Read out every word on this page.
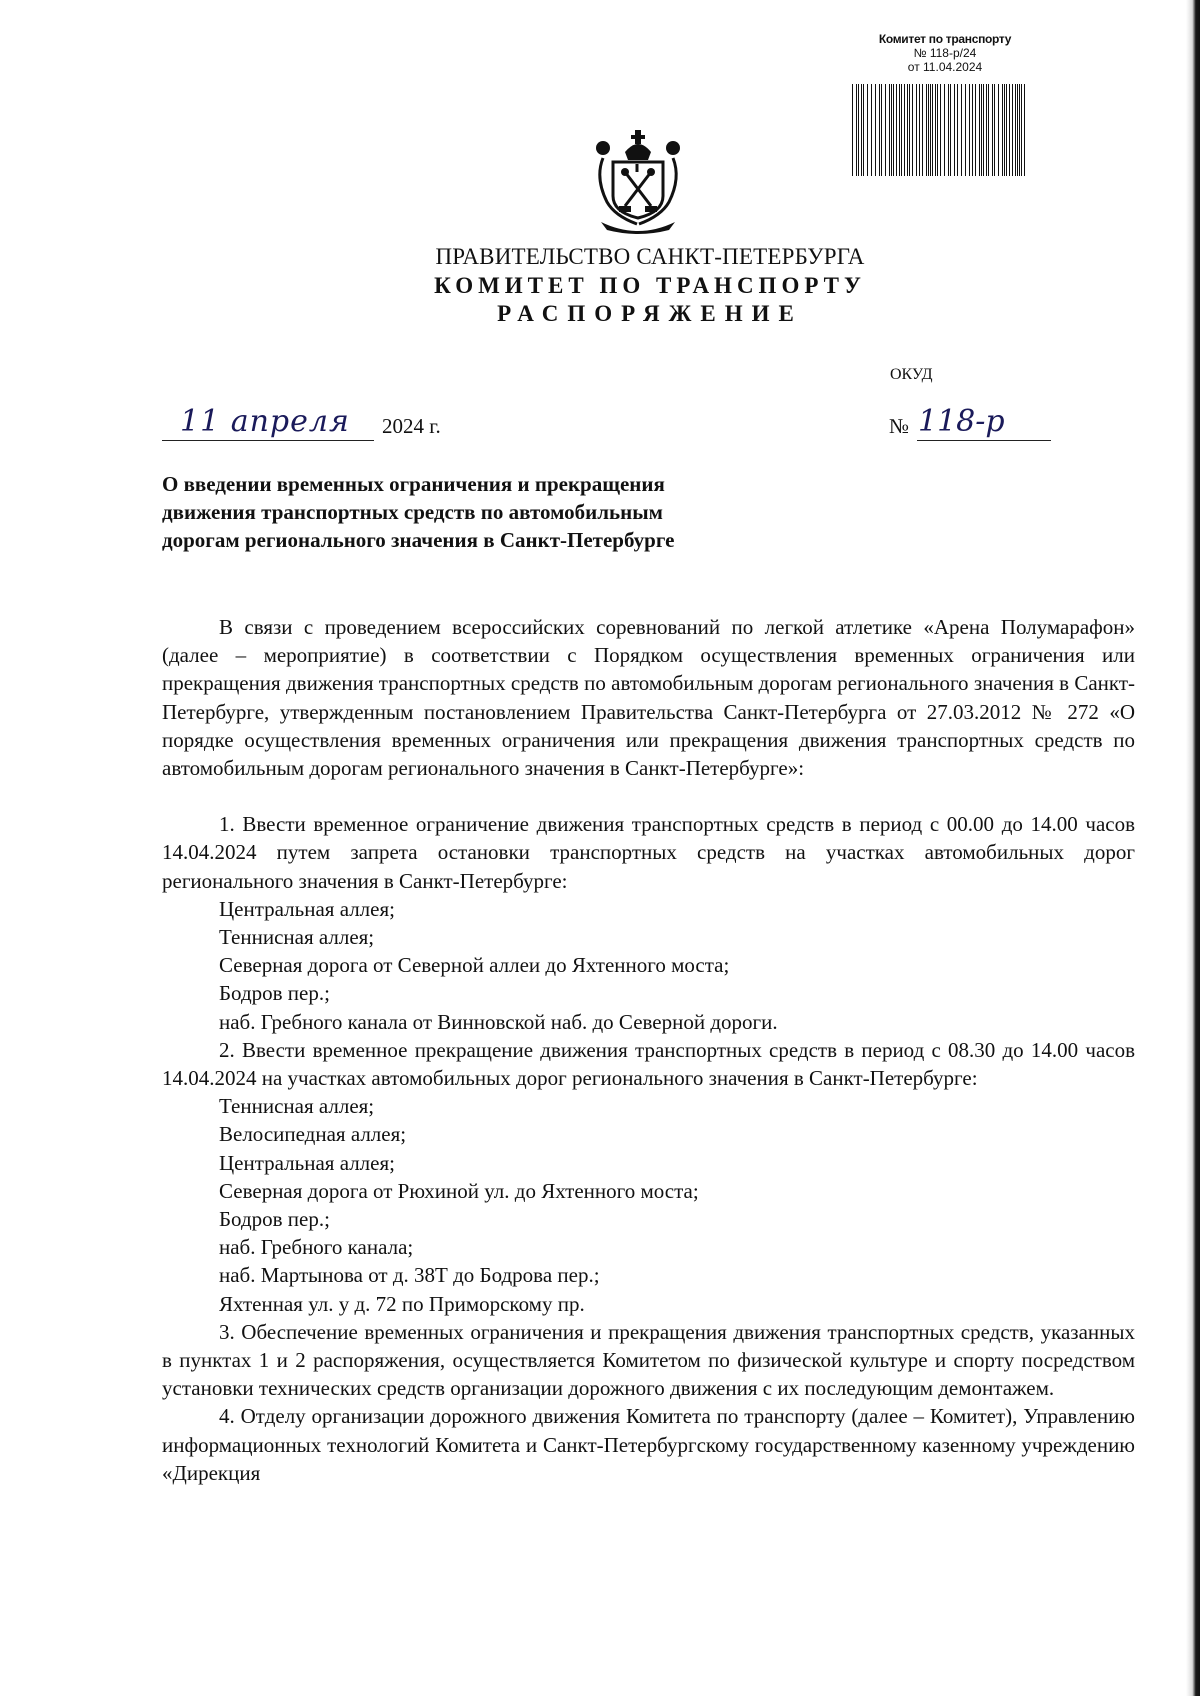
Комитет по транспорту
№ 118-р/24
от 11.04.2024
ПРАВИТЕЛЬСТВО САНКТ-ПЕТЕРБУРГА
КОМИТЕТ ПО ТРАНСПОРТУ
РАСПОРЯЖЕНИЕ
ОКУД
11 апреля 2024 г.	№ 118-р

О введении временных ограничения и прекращения движения транспортных средств по автомобильным дорогам регионального значения в Санкт-Петербурге

В связи с проведением всероссийских соревнований по легкой атлетике «Арена Полумарафон» (далее – мероприятие) в соответствии с Порядком осуществления временных ограничения или прекращения движения транспортных средств по автомобильным дорогам регионального значения в Санкт-Петербурге, утвержденным постановлением Правительства Санкт-Петербурга от 27.03.2012 № 272 «О порядке осуществления временных ограничения или прекращения движения транспортных средств по автомобильным дорогам регионального значения в Санкт-Петербурге»:

1. Ввести временное ограничение движения транспортных средств в период с 00.00 до 14.00 часов 14.04.2024 путем запрета остановки транспортных средств на участках автомобильных дорог регионального значения в Санкт-Петербурге:

Центральная аллея;
Теннисная аллея;
Северная дорога от Северной аллеи до Яхтенного моста;
Бодров пер.;
наб. Гребного канала от Винновской наб. до Северной дороги.

2. Ввести временное прекращение движения транспортных средств в период с 08.30 до 14.00 часов 14.04.2024 на участках автомобильных дорог регионального значения в Санкт-Петербурге:

Теннисная аллея;
Велосипедная аллея;
Центральная аллея;
Северная дорога от Рюхиной ул. до Яхтенного моста;
Бодров пер.;
наб. Гребного канала;
наб. Мартынова от д. 38Т до Бодрова пер.;
Яхтенная ул. у д. 72 по Приморскому пр.

3. Обеспечение временных ограничения и прекращения движения транспортных средств, указанных в пунктах 1 и 2 распоряжения, осуществляется Комитетом по физической культуре и спорту посредством установки технических средств организации дорожного движения с их последующим демонтажем.

4. Отделу организации дорожного движения Комитета по транспорту (далее – Комитет), Управлению информационных технологий Комитета и Санкт-Петербургскому государственному казенному учреждению «Дирекция
